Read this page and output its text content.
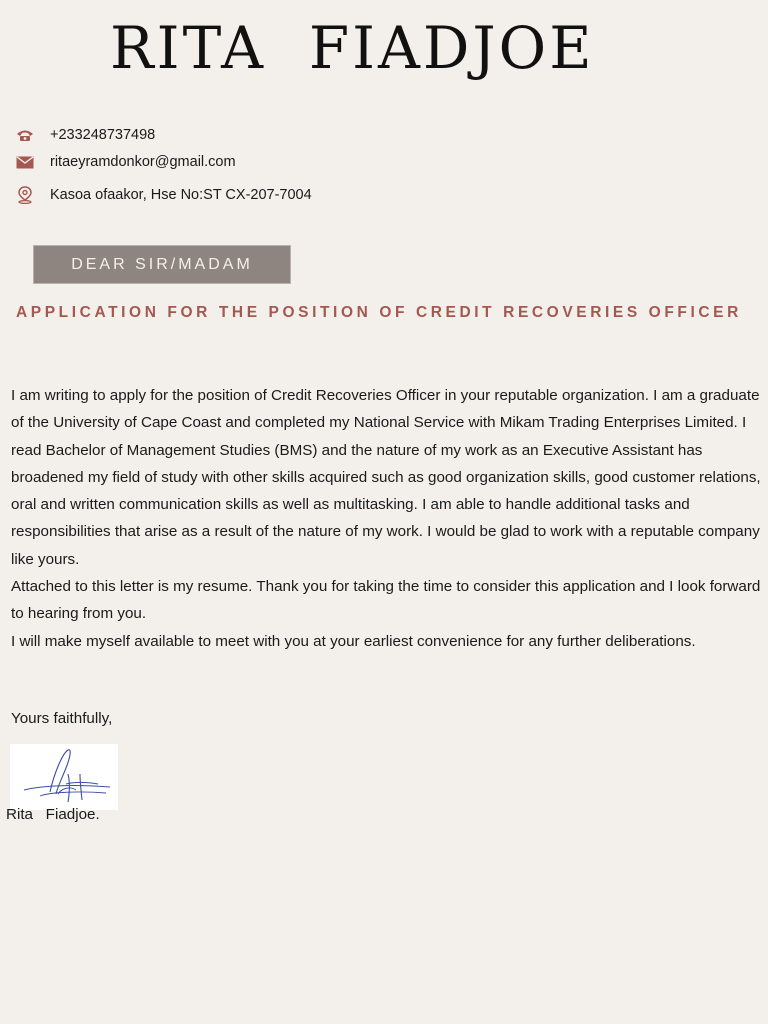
RITA  FIADJOE
+233248737498
ritaeyramdonkor@gmail.com
Kasoa ofaakor, Hse No:ST CX-207-7004
DEAR SIR/MADAM
APPLICATION FOR THE POSITION OF CREDIT RECOVERIES OFFICER

I am writing to apply for the position of Credit Recoveries Officer in your reputable organization. I am a graduate of the University of Cape Coast and completed my National Service with Mikam Trading Enterprises Limited. I read Bachelor of Management Studies (BMS) and the nature of my work as an Executive Assistant has broadened my field of study with other skills acquired such as good organization skills, good customer relations, oral and written communication skills as well as multitasking. I am able to handle additional tasks and responsibilities that arise as a result of the nature of my work. I would be glad to work with a reputable company like yours.

Attached to this letter is my resume. Thank you for taking the time to consider this application and I look forward to hearing from you.

I will make myself available to meet with you at your earliest convenience for any further deliberations.

Yours faithfully,
Rita   Fiadjoe.
